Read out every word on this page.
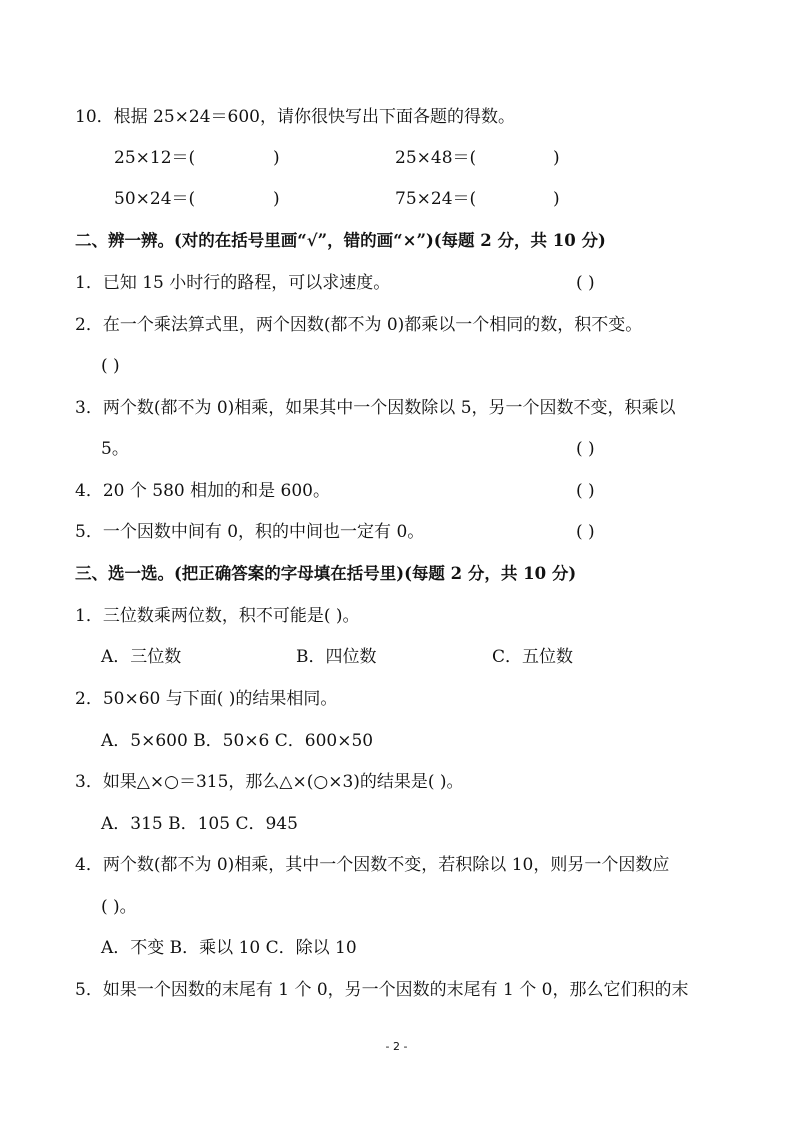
10．根据 25×24＝600，请你很快写出下面各题的得数。
25×12＝(	)	25×48＝(	)
50×24＝(	)	75×24＝(	)
二、辨一辨。(对的在括号里画“√”，错的画“×”)(每题 2 分，共 10 分)
1．已知 15 小时行的路程，可以求速度。	( )
2．在一个乘法算式里，两个因数(都不为 0)都乘以一个相同的数，积不变。
( )
3．两个数(都不为 0)相乘，如果其中一个因数除以 5，另一个因数不变，积乘以
5。	( )
4．20 个 580 相加的和是 600。	( )
5．一个因数中间有 0，积的中间也一定有 0。	( )
三、选一选。(把正确答案的字母填在括号里)(每题 2 分，共 10 分)
1．三位数乘两位数，积不可能是( )。
A．三位数	B．四位数	C．五位数
2．50×60 与下面( )的结果相同。
A．5×600 B．50×6 C．600×50
3．如果△×○＝315，那么△×(○×3)的结果是( )。
A．315 B．105 C．945
4．两个数(都不为 0)相乘，其中一个因数不变，若积除以 10，则另一个因数应
( )。
A．不变 B．乘以 10 C．除以 10
5．如果一个因数的末尾有 1 个 0，另一个因数的末尾有 1 个 0，那么它们积的末
- 2 -
